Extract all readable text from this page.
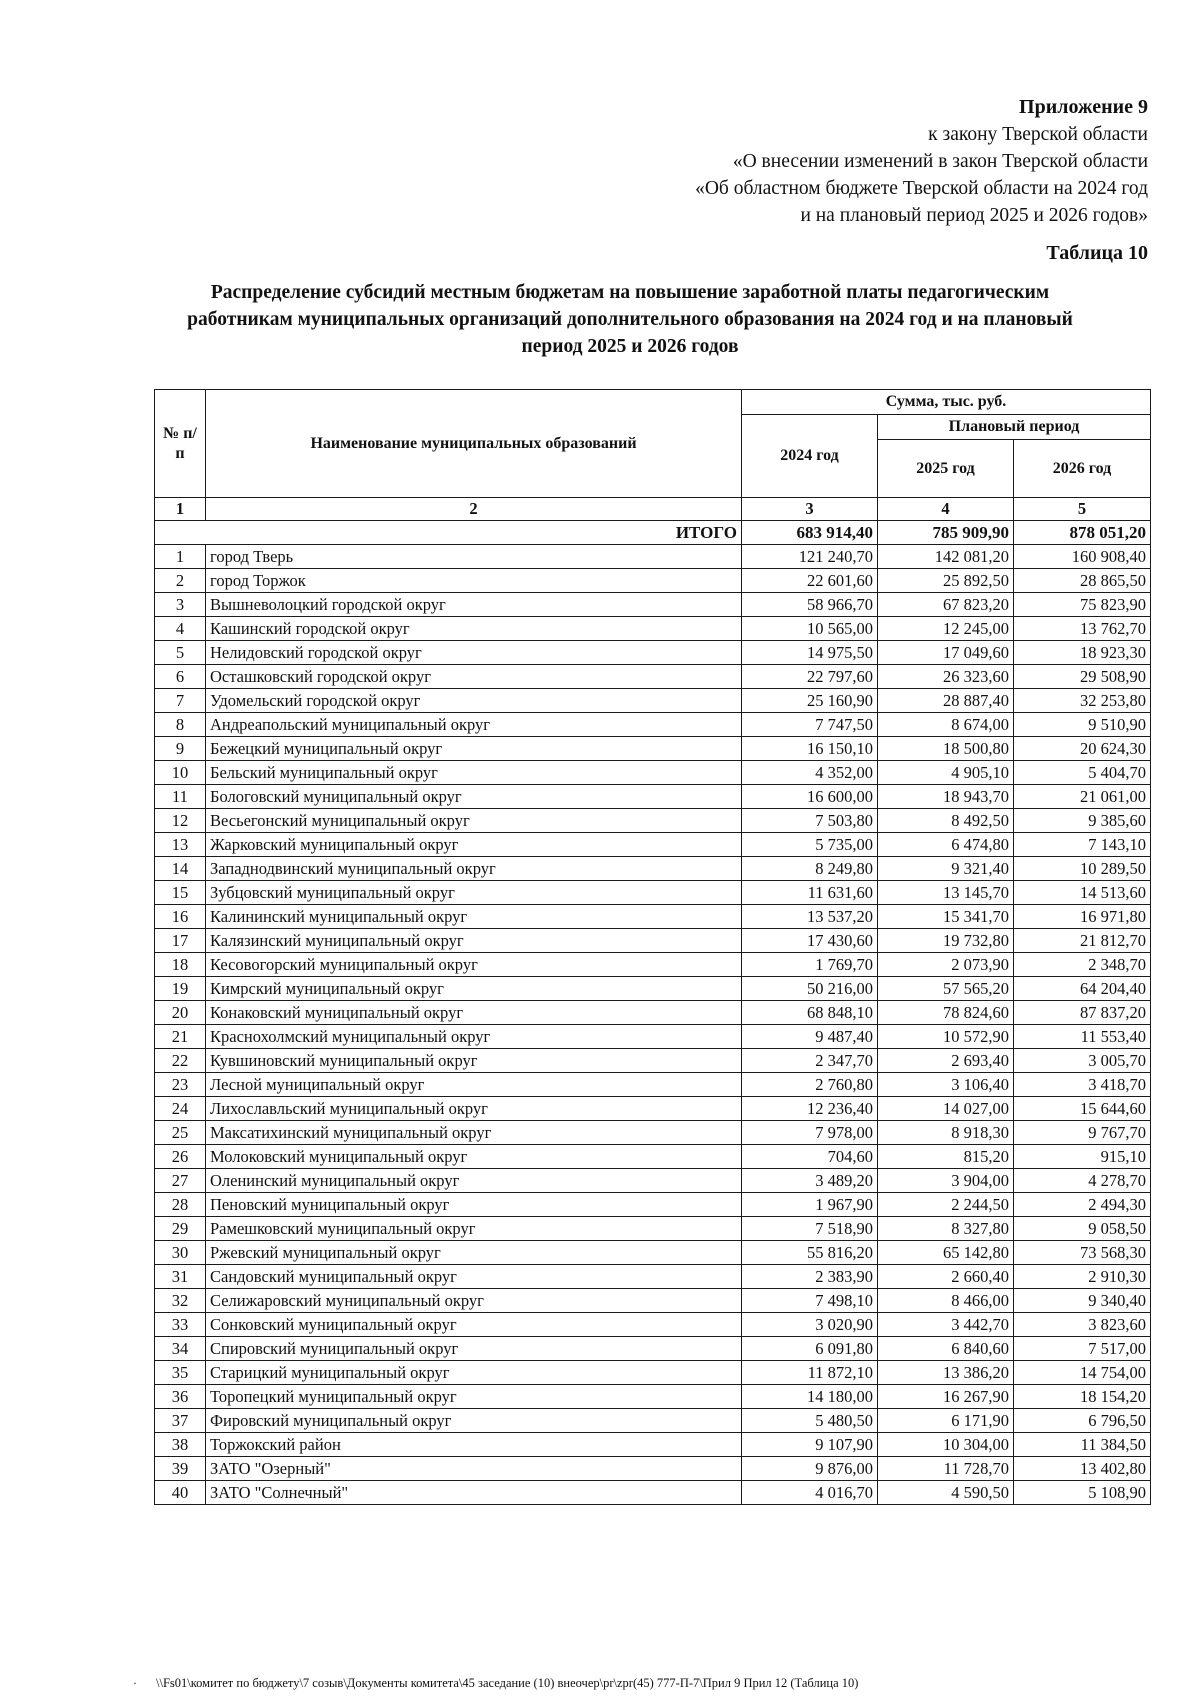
Приложение 9
к закону Тверской области
«О внесении изменений в закон Тверской области
«Об областном бюджете Тверской области на 2024 год
и на плановый период 2025 и 2026 годов»
Таблица 10
Распределение субсидий местным бюджетам на повышение заработной платы педагогическим
работникам муниципальных организаций дополнительного образования на 2024 год и на плановый
период 2025 и 2026 годов
№ п/п	Наименование муниципальных образований	Сумма, тыс. руб.		
		2024 год	Плановый период	
			2025 год	2026 год
1	2	3	4	5
ИТОГО		683 914,40	785 909,90	878 051,20
1	город Тверь	121 240,70	142 081,20	160 908,40
2	город Торжок	22 601,60	25 892,50	28 865,50
3	Вышневолоцкий городской округ	58 966,70	67 823,20	75 823,90
4	Кашинский городской округ	10 565,00	12 245,00	13 762,70
5	Нелидовский городской округ	14 975,50	17 049,60	18 923,30
6	Осташковский городской округ	22 797,60	26 323,60	29 508,90
7	Удомельский городской округ	25 160,90	28 887,40	32 253,80
8	Андреапольский муниципальный округ	7 747,50	8 674,00	9 510,90
9	Бежецкий муниципальный округ	16 150,10	18 500,80	20 624,30
10	Бельский муниципальный округ	4 352,00	4 905,10	5 404,70
11	Бологовский муниципальный округ	16 600,00	18 943,70	21 061,00
12	Весьегонский муниципальный округ	7 503,80	8 492,50	9 385,60
13	Жарковский муниципальный округ	5 735,00	6 474,80	7 143,10
14	Западнодвинский муниципальный округ	8 249,80	9 321,40	10 289,50
15	Зубцовский муниципальный округ	11 631,60	13 145,70	14 513,60
16	Калининский муниципальный округ	13 537,20	15 341,70	16 971,80
17	Калязинский муниципальный округ	17 430,60	19 732,80	21 812,70
18	Кесовогорский муниципальный округ	1 769,70	2 073,90	2 348,70
19	Кимрский муниципальный округ	50 216,00	57 565,20	64 204,40
20	Конаковский муниципальный округ	68 848,10	78 824,60	87 837,20
21	Краснохолмский муниципальный округ	9 487,40	10 572,90	11 553,40
22	Кувшиновский муниципальный округ	2 347,70	2 693,40	3 005,70
23	Лесной муниципальный округ	2 760,80	3 106,40	3 418,70
24	Лихославльский муниципальный округ	12 236,40	14 027,00	15 644,60
25	Максатихинский муниципальный округ	7 978,00	8 918,30	9 767,70
26	Молоковский муниципальный округ	704,60	815,20	915,10
27	Оленинский муниципальный округ	3 489,20	3 904,00	4 278,70
28	Пеновский муниципальный округ	1 967,90	2 244,50	2 494,30
29	Рамешковский муниципальный округ	7 518,90	8 327,80	9 058,50
30	Ржевский муниципальный округ	55 816,20	65 142,80	73 568,30
31	Сандовский муниципальный округ	2 383,90	2 660,40	2 910,30
32	Селижаровский муниципальный округ	7 498,10	8 466,00	9 340,40
33	Сонковский муниципальный округ	3 020,90	3 442,70	3 823,60
34	Спировский муниципальный округ	6 091,80	6 840,60	7 517,00
35	Старицкий муниципальный округ	11 872,10	13 386,20	14 754,00
36	Торопецкий муниципальный округ	14 180,00	16 267,90	18 154,20
37	Фировский муниципальный округ	5 480,50	6 171,90	6 796,50
38	Торжокский район	9 107,90	10 304,00	11 384,50
39	ЗАТО "Озерный"	9 876,00	11 728,70	13 402,80
40	ЗАТО "Солнечный"	4 016,70	4 590,50	5 108,90
· \\Fs01\комитет по бюджету\7 созыв\Документы комитета\45 заседание (10) внеочер\pr\zpr(45) 777-П-7\Прил 9 Прил 12 (Таблица 10)
